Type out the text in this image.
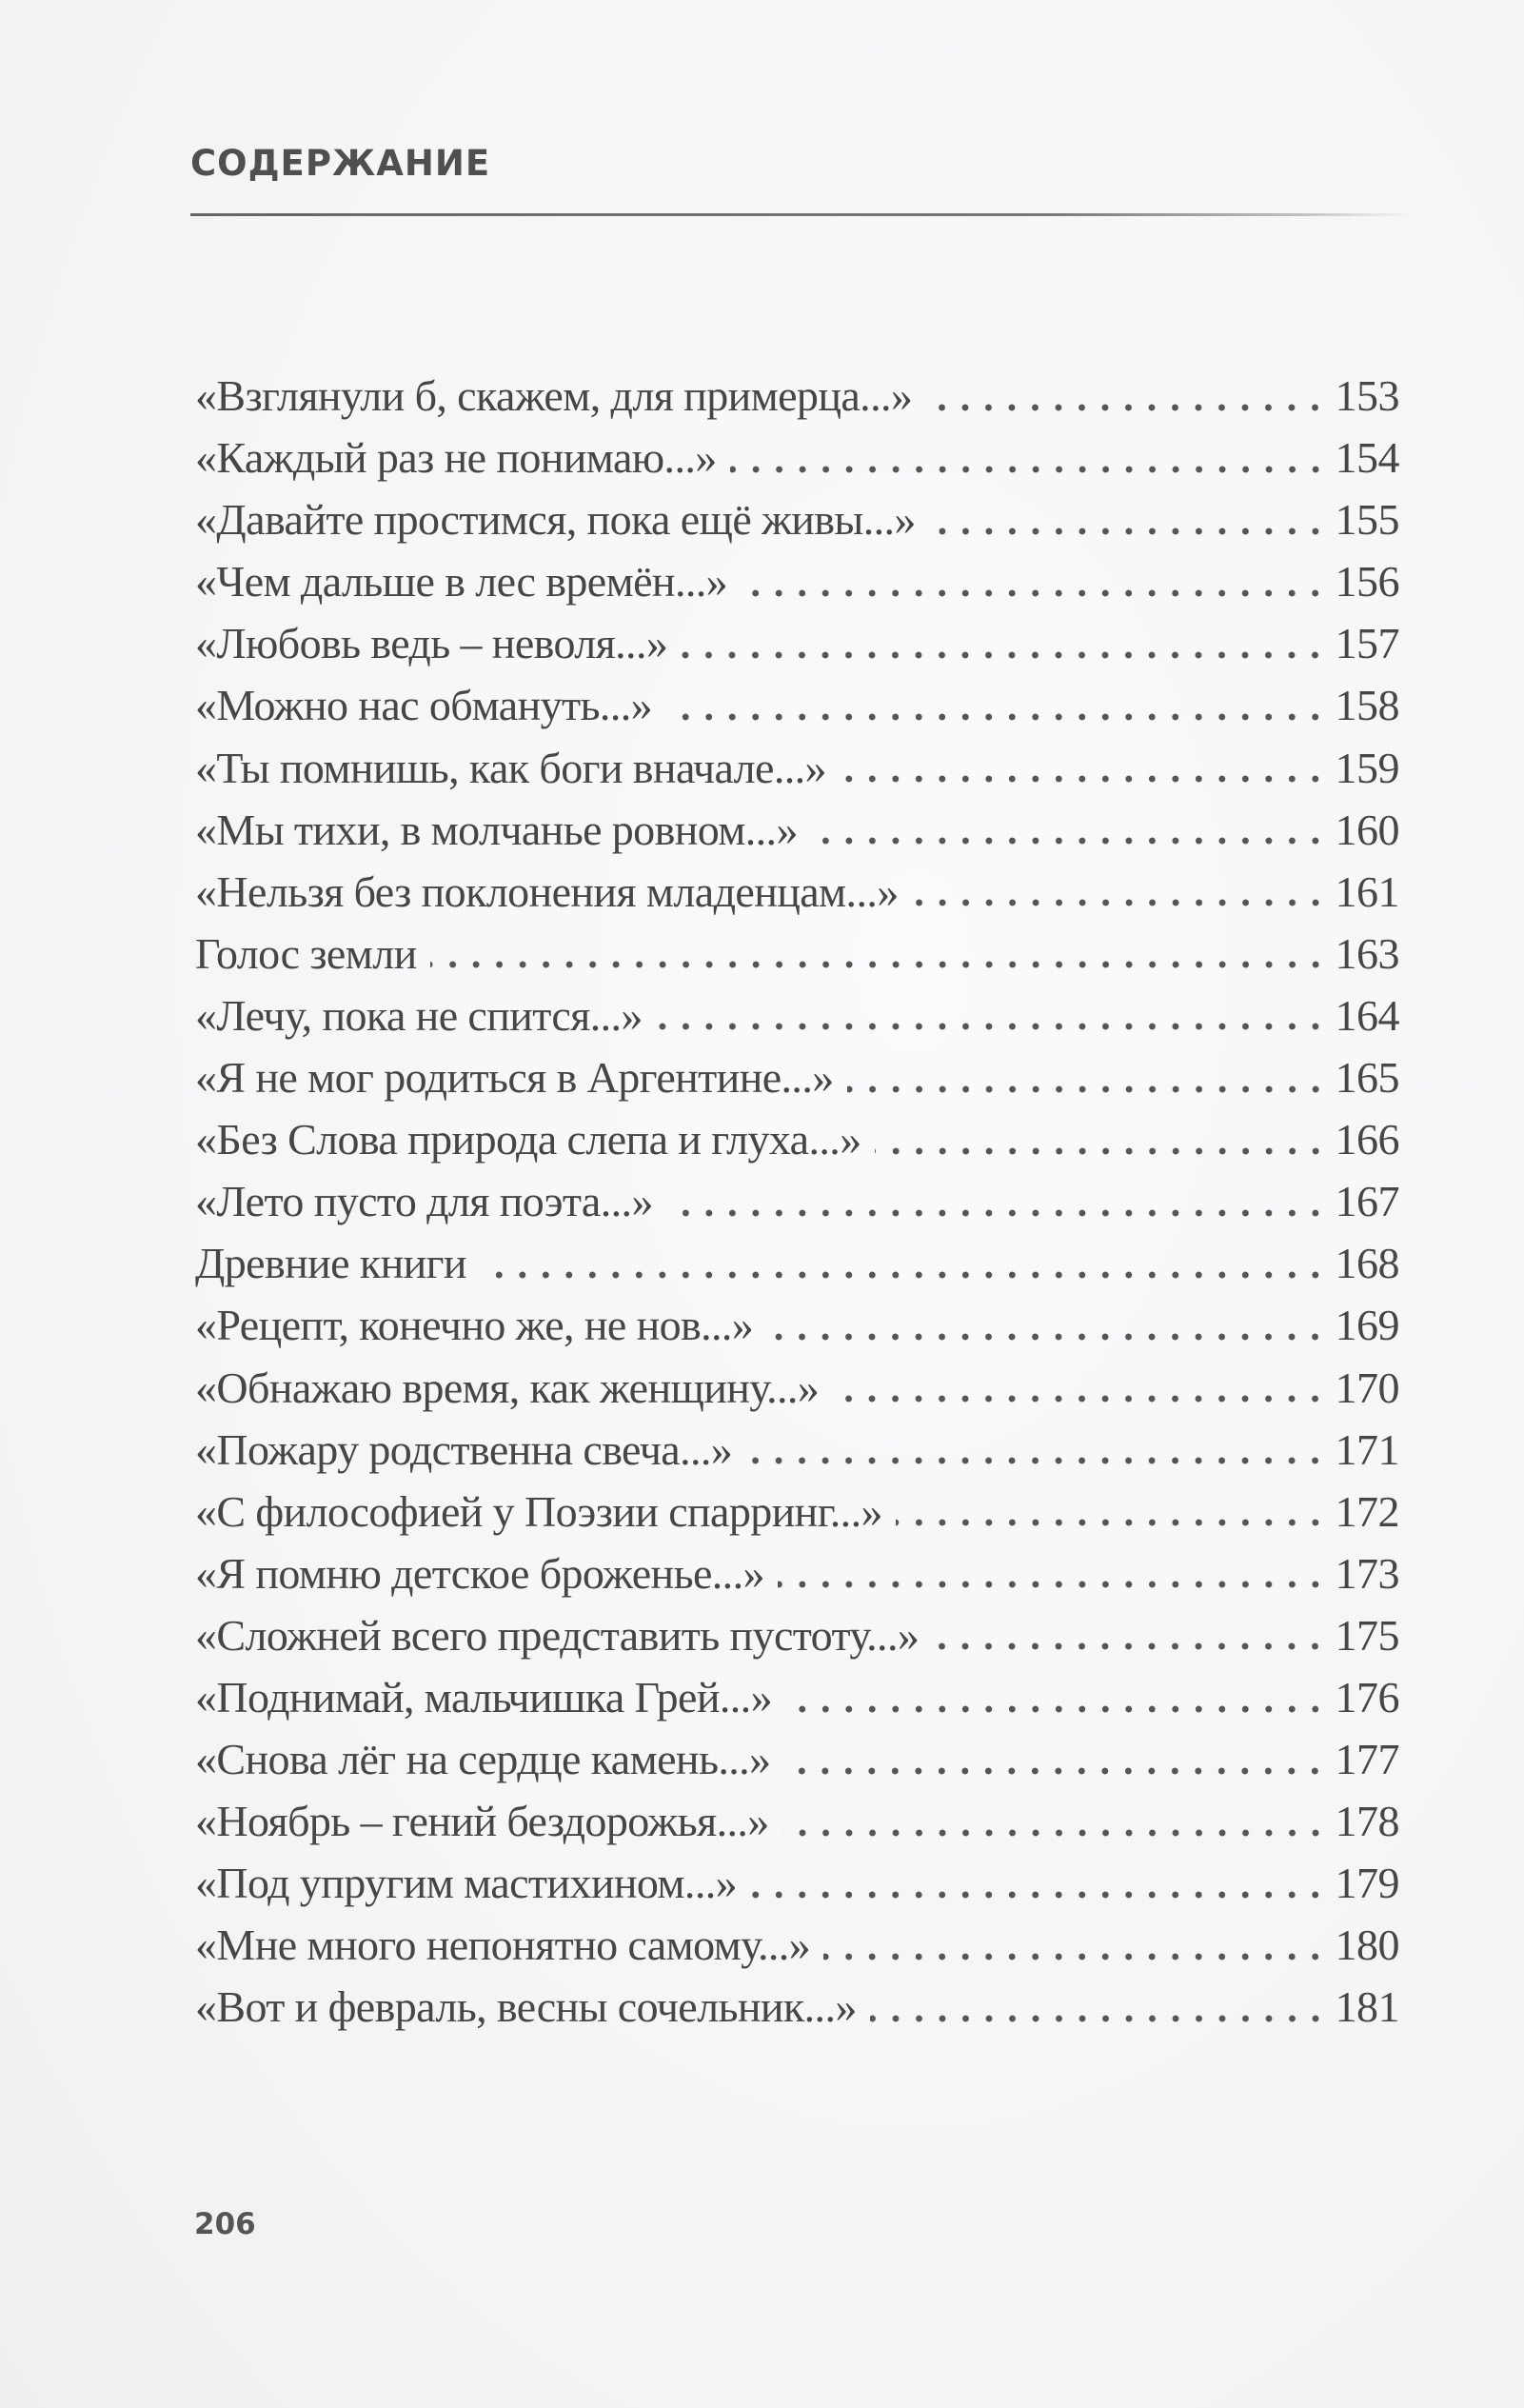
СОДЕРЖАНИЕ
«Взглянули б, скажем, для примерца...»	153
«Каждый раз не понимаю...»	154
«Давайте простимся, пока ещё живы...»	155
«Чем дальше в лес времён...»	156
«Любовь ведь – неволя...»	157
«Можно нас обмануть...»	158
«Ты помнишь, как боги вначале...»	159
«Мы тихи, в молчанье ровном...»	160
«Нельзя без поклонения младенцам...»	161
Голос земли	163
«Лечу, пока не спится...»	164
«Я не мог родиться в Аргентине...»	165
«Без Слова природа слепа и глуха...»	166
«Лето пусто для поэта...»	167
Древние книги	168
«Рецепт, конечно же, не нов...»	169
«Обнажаю время, как женщину...»	170
«Пожару родственна свеча...»	171
«С философией у Поэзии спарринг...»	172
«Я помню детское броженье...»	173
«Сложней всего представить пустоту...»	175
«Поднимай, мальчишка Грей...»	176
«Снова лёг на сердце камень...»	177
«Ноябрь – гений бездорожья...»	178
«Под упругим мастихином...»	179
«Мне много непонятно самому...»	180
«Вот и февраль, весны сочельник...»	181
206
